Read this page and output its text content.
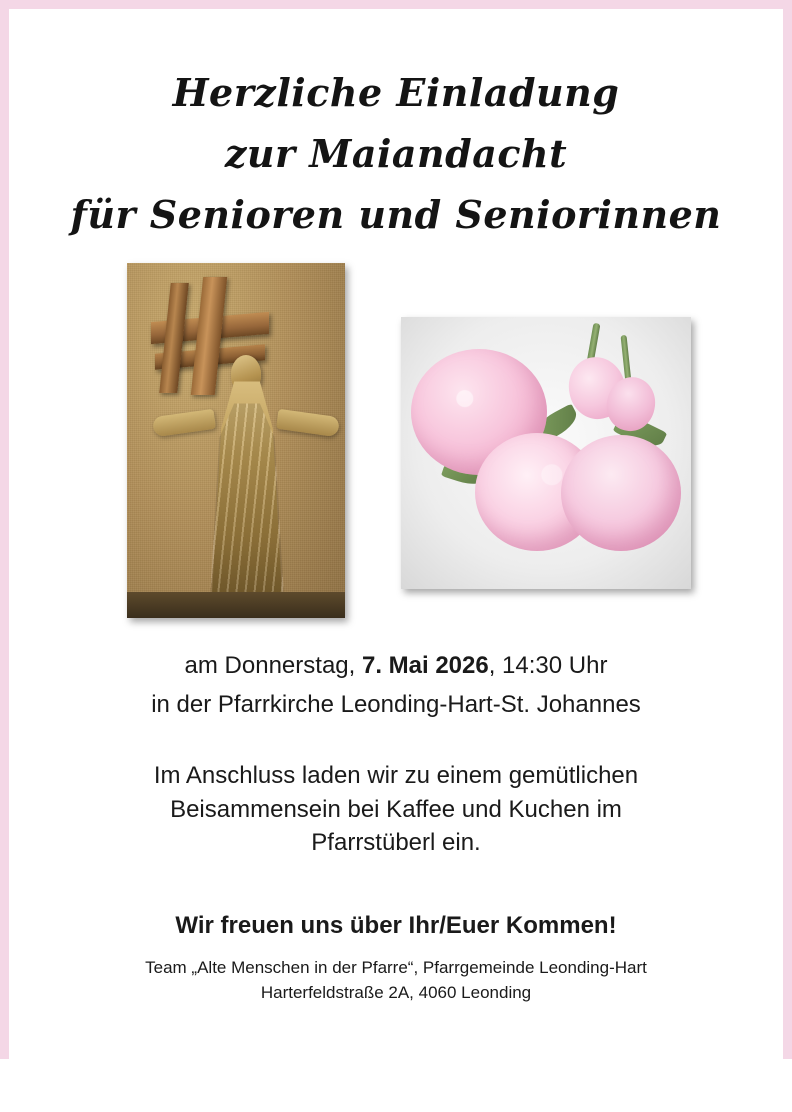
Herzliche Einladung
zur Maiandacht
für Senioren und Seniorinnen
am Donnerstag, 7. Mai 2026, 14:30 Uhr
in der Pfarrkirche Leonding-Hart-St. Johannes
Im Anschluss laden wir zu einem gemütlichen
Beisammensein bei Kaffee und Kuchen im
Pfarrstüberl ein.
Wir freuen uns über Ihr/Euer Kommen!
Team „Alte Menschen in der Pfarre“, Pfarrgemeinde Leonding-Hart
Harterfeldstraße 2A, 4060 Leonding
